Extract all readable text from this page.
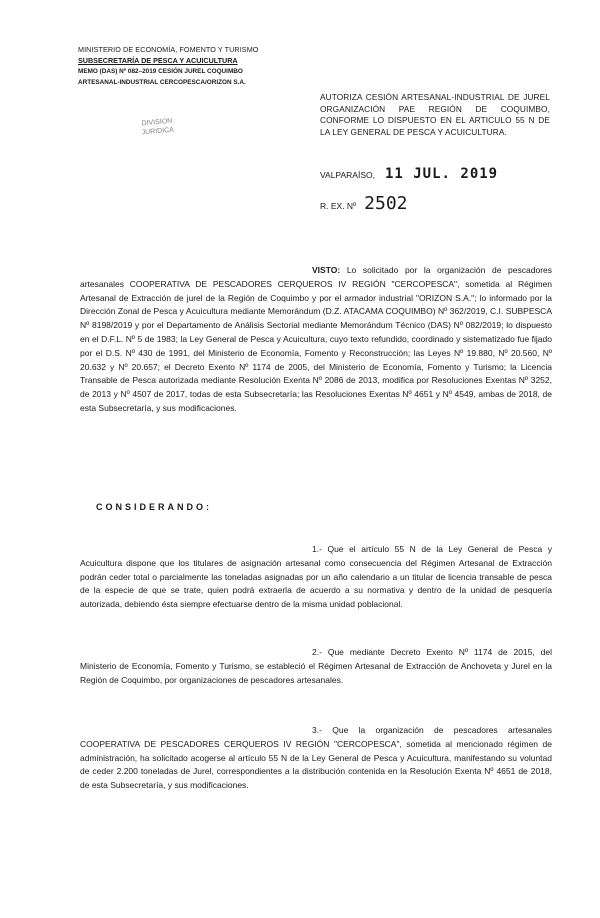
MINISTERIO DE ECONOMÍA, FOMENTO Y TURISMO
SUBSECRETARÍA DE PESCA Y ACUICULTURA
MEMO (DAS) Nº 082–2019 CESIÓN JUREL COQUIMBO
ARTESANAL-INDUSTRIAL CERCOPESCA/ORIZON S.A.
DIVISION
JURIDICA
AUTORIZA CESIÓN ARTESANAL-INDUSTRIAL DE JUREL ORGANIZACIÓN PAE REGIÓN DE COQUIMBO, CONFORME LO DISPUESTO EN EL ARTICULO 55 N DE LA LEY GENERAL DE PESCA Y ACUICULTURA.
VALPARAÍSO, 11 JUL. 2019
R. EX. Nº 2502
VISTO: Lo solicitado por la organización de pescadores artesanales COOPERATIVA DE PESCADORES CERQUEROS IV REGIÓN "CERCOPESCA", sometida al Régimen Artesanal de Extracción de jurel de la Región de Coquimbo y por el armador industrial "ORIZON S.A."; lo informado por la Dirección Zonal de Pesca y Acuicultura mediante Memorándum (D.Z. ATACAMA COQUIMBO) Nº 362/2019, C.I. SUBPESCA Nº 8198/2019 y por el Departamento de Análisis Sectorial mediante Memorándum Técnico (DAS) Nº 082/2019; lo dispuesto en el D.F.L. Nº 5 de 1983; la Ley General de Pesca y Acuicultura, cuyo texto refundido, coordinado y sistematizado fue fijado por el D.S. Nº 430 de 1991, del Ministerio de Economía, Fomento y Reconstrucción; las Leyes Nº 19.880, Nº 20.560, Nº 20.632 y Nº 20.657; el Decreto Exento Nº 1174 de 2005, del Ministerio de Economía, Fomento y Turismo; la Licencia Transable de Pesca autorizada mediante Resolución Exenta Nº 2086 de 2013, modifica por Resoluciones Exentas Nº 3252, de 2013 y Nº 4507 de 2017, todas de esta Subsecretaría; las Resoluciones Exentas Nº 4651 y Nº 4549, ambas de 2018, de esta Subsecretaría, y sus modificaciones.
CONSIDERANDO:
1.- Que el artículo 55 N de la Ley General de Pesca y Acuicultura dispone que los titulares de asignación artesanal como consecuencia del Régimen Artesanal de Extracción podrán ceder total o parcialmente las toneladas asignadas por un año calendario a un titular de licencia transable de pesca de la especie de que se trate, quien podrá extraerla de acuerdo a su normativa y dentro de la unidad de pesquería autorizada, debiendo ésta siempre efectuarse dentro de la misma unidad poblacional.
2.- Que mediante Decreto Exento Nº 1174 de 2015, del Ministerio de Economía, Fomento y Turismo, se estableció el Régimen Artesanal de Extracción de Anchoveta y Jurel en la Región de Coquimbo, por organizaciones de pescadores artesanales.
3.- Que la organización de pescadores artesanales COOPERATIVA DE PESCADORES CERQUEROS IV REGIÓN "CERCOPESCA", sometida al mencionado régimen de administración, ha solicitado acogerse al artículo 55 N de la Ley General de Pesca y Acuicultura, manifestando su voluntad de ceder 2.200 toneladas de Jurel, correspondientes a la distribución contenida en la Resolución Exenta Nº 4651 de 2018, de esta Subsecretaría, y sus modificaciones.
